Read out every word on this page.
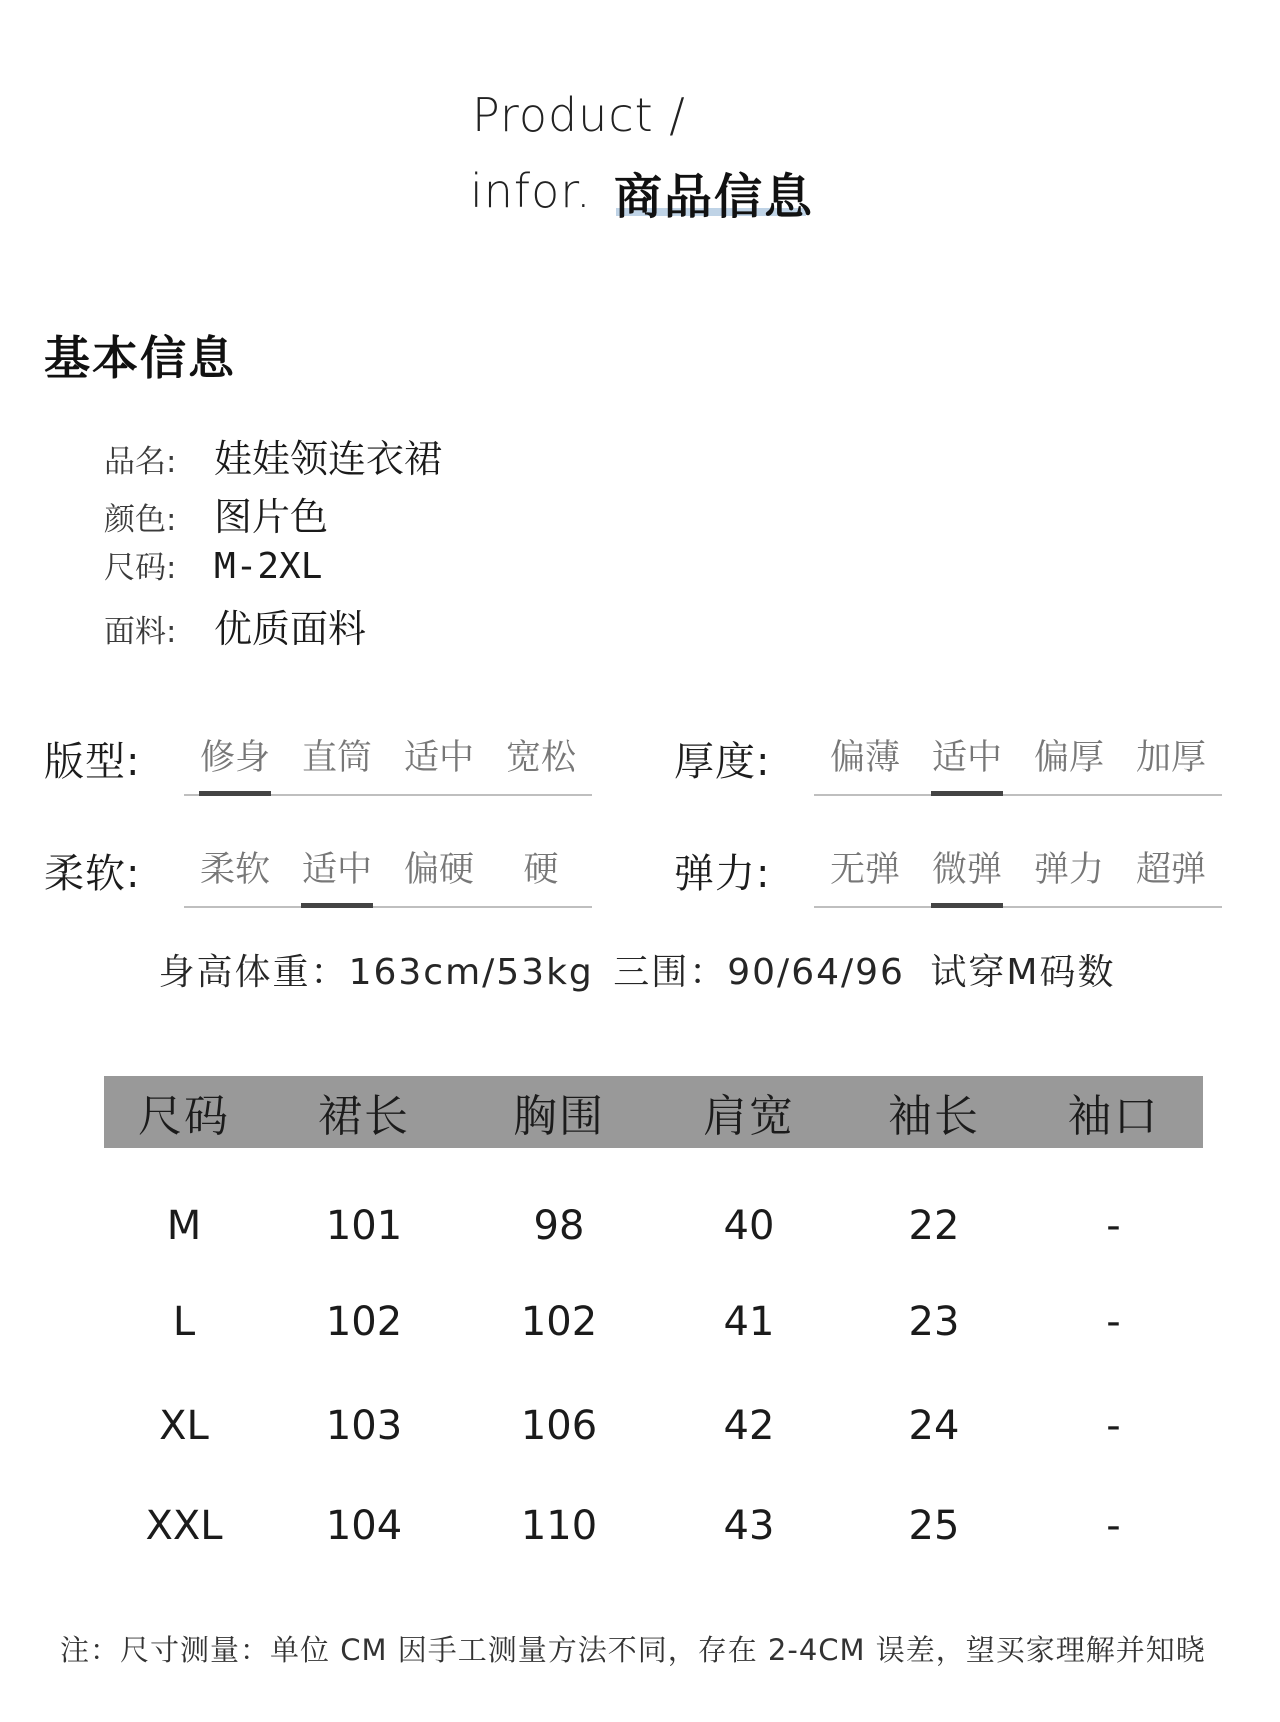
Product /
infor. 商品信息
基本信息
品名: 娃娃领连衣裙
颜色: 图片色
尺码:	M-2XL
面料: 优质面料
版型:	修身 直筒 适中 宽松	厚度:	偏薄 适中 偏厚 加厚
柔软:	柔软 适中 偏硬	硬	弹力:	无弹 微弹 弹力 超弹
身高体重：163cm/53kg 三围：90/64/96 试穿M码数
尺码	裙长	胸围	肩宽	袖长	袖口
M	101	98	40	22	-
L	102	102	41	23	-
XL	103	106	42	24	-
XXL	104	110	43	25	-
注：尺寸测量：单位 CM 因手工测量方法不同，存在 2-4CM 误差，望买家理解并知晓
